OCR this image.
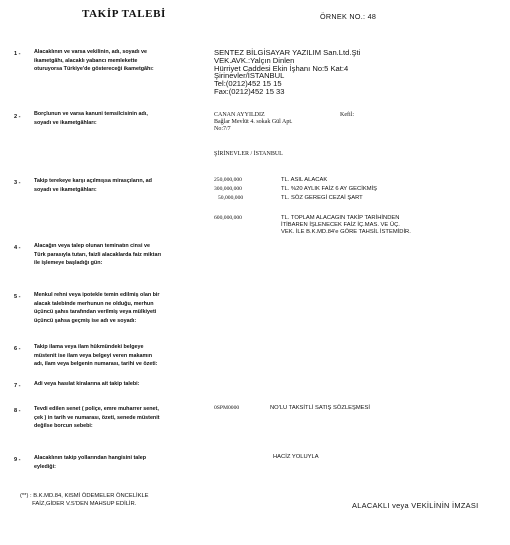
TAKİP TALEBİ	ÖRNEK NO.: 48
1 - Alacaklının ve varsa vekilinin, adı, soyadı ve
ikametgâhı, alacaklı yabancı memlekette
oturuyorsa Türkiye'de göstereceği ikametgâhı:
SENTEZ BİLGİSAYAR YAZILIM San.Ltd.Şti
VEK.AVK.:Yalçın Dinlen
Hürriyet Caddesi Ekin İşhanı No:5 Kat:4
Şirinevler/İSTANBUL
Tel:(0212)452 15 15
Fax:(0212)452 15 33
2 - Borçlunun ve varsa kanuni temsilcisinin adı,
soyadı ve ikametgâhları:
CANAN AYYILDIZ
Bağlar Mevlüt 4. sokak Gül Apt.
No:7/7
Kefil:
ŞİRİNEVLER / İSTANBUL
3 - Takip terekeye karşı açılmışsa mirasçıların, ad
soyadı ve ikametgâhları:
250,000,000	TL. ASIL ALACAK
300,000,000	TL. %20 AYLIK FAİZ 6 AY GECİKMİŞ
50,000,000	TL. SÖZ GEREGİ CEZAİ ŞART
600,000,000	TL. TOPLAM ALACAGIN TAKİP TARİHİNDEN
İTİBAREN İŞLENECEK FAİZ İÇ.MAS. VE ÜÇ.
VEK. İLE B.K.MD.84'e GÖRE TAHSİL İSTEMİDİR.
4 - Alacağın veya talep olunan teminatın cinsi ve
Türk parasıyla tutarı, faizli alacaklarda faiz miktarı
ile işlemeye başladığı gün:
5 - Menkul rehni veya ipotekle temin edilmiş olan bir
alacak talebinde merhunun ne olduğu, merhun
üçüncü şahıs tarafından verilmiş veya mülkiyeti
üçüncü şahsa geçmiş ise adı ve soyadı:
6 - Takip ilama veya ilam hükmündeki belgeye
müstenit ise ilam veya belgeyi veren makamın
adı, ilam veya belgenin numarası, tarihi ve özeti:
7 - Adi veya hasılat kiralarına ait takip talebi:
8 - Tevdi edilen senet ( poliçe, emre muharrer senet,
çek ) in tarih ve numarası, özeti, senede müstenit
değilse borcun sebebi:
0SPM0000	NO'LU TAKSİTLİ SATIŞ SÖZLEŞMESİ
9 - Alacaklının takip yollarından hangisini talep
eylediği:
HACİZ YOLUYLA
(**) : B.K.MD.84, KISMİ ÖDEMELER ÖNCELİKLE
FAİZ,GİDER V.S'DEN MAHSUP EDİLİR.	ALACAKLI veya VEKİLİNİN İMZASI
